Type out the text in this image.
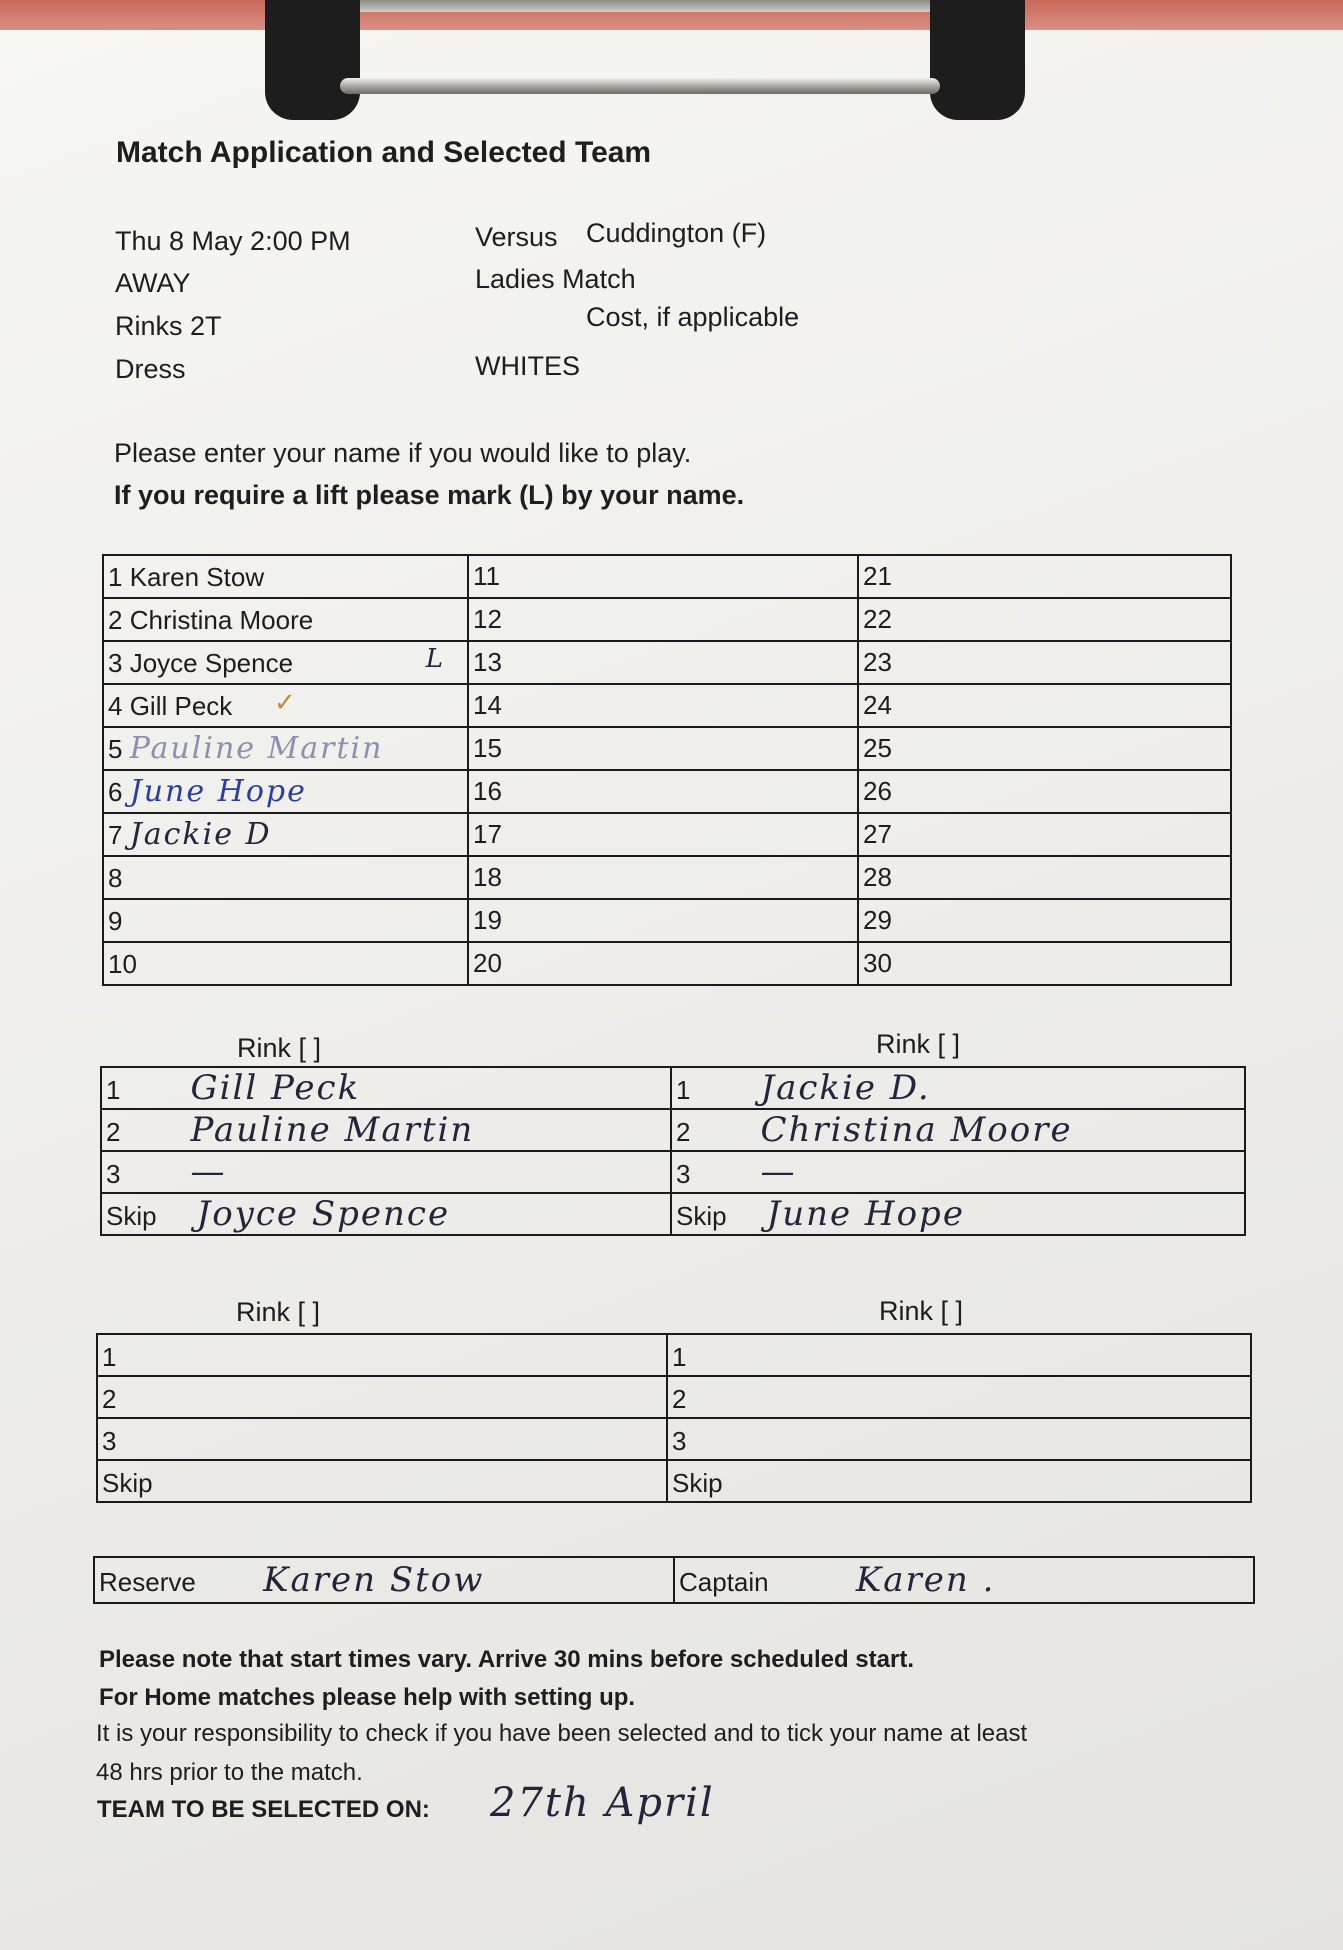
Match Application and Selected Team
Thu 8 May 2:00 PM
AWAY
Rinks 2T
Dress
Versus Cuddington (F)
Ladies Match
Cost, if applicable
WHITES
Please enter your name if you would like to play.
If you require a lift please mark (L) by your name.
1 Karen Stow	11	21
2 Christina Moore	12	22
3 Joyce Spence L	13	23
4 Gill Peck ✓	14	24
5 Pauline Martin	15	25
6 June Hope	16	26
7 Jackie D	17	27
8	18	28
9	19	29
10	20	30
Rink [ ]	Rink [ ]
1 Gill Peck	1 Jackie D.
2 Pauline Martin	2 Christina Moore
3 —	3 —
Skip Joyce Spence	Skip June Hope
Rink [ ]	Rink [ ]
1	1
2	2
3	3
Skip	Skip
Reserve Karen Stow	Captain	Karen .
Please note that start times vary. Arrive 30 mins before scheduled start.
For Home matches please help with setting up.
It is your responsibility to check if you have been selected and to tick your name at least
48 hrs prior to the match.
TEAM TO BE SELECTED ON: 27th April
